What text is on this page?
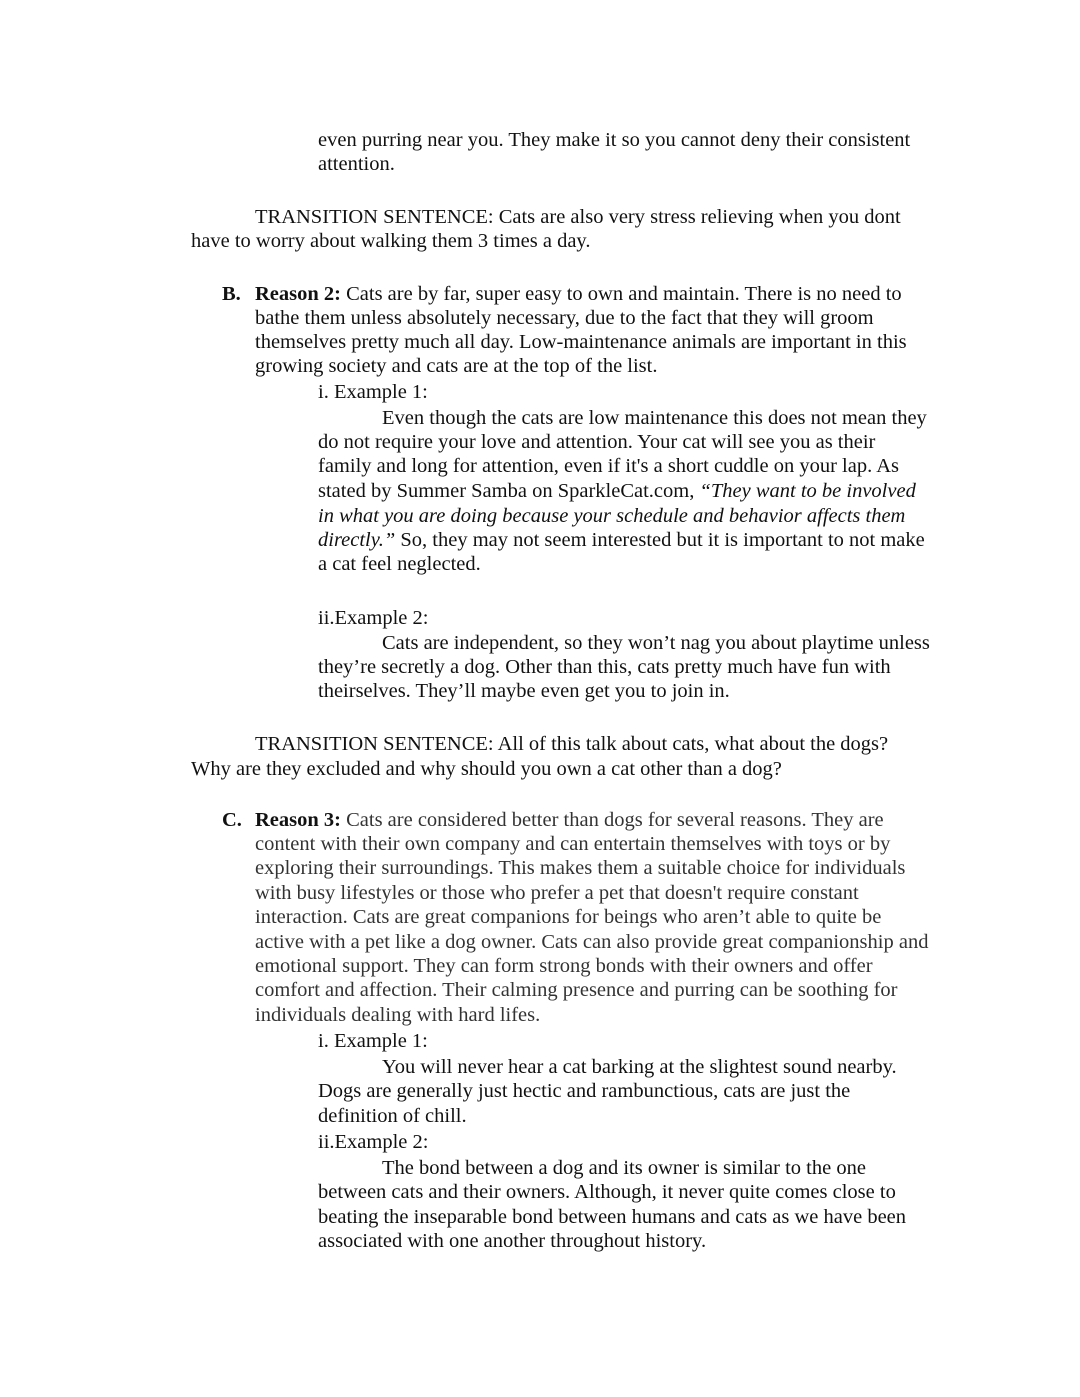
even purring near you. They make it so you cannot deny their consistent
attention.
TRANSITION SENTENCE: Cats are also very stress relieving when you dont
have to worry about walking them 3 times a day.
B. Reason 2: Cats are by far, super easy to own and maintain. There is no need to
bathe them unless absolutely necessary, due to the fact that they will groom
themselves pretty much all day. Low-maintenance animals are important in this
growing society and cats are at the top of the list.
i. Example 1:
Even though the cats are low maintenance this does not mean they
do not require your love and attention. Your cat will see you as their
family and long for attention, even if it's a short cuddle on your lap. As
stated by Summer Samba on SparkleCat.com, “They want to be involved
in what you are doing because your schedule and behavior affects them
directly.” So, they may not seem interested but it is important to not make
a cat feel neglected.
ii.Example 2:
Cats are independent, so they won’t nag you about playtime unless
they’re secretly a dog. Other than this, cats pretty much have fun with
theirselves. They’ll maybe even get you to join in.
TRANSITION SENTENCE: All of this talk about cats, what about the dogs?
Why are they excluded and why should you own a cat other than a dog?
C. Reason 3: Cats are considered better than dogs for several reasons. They are
content with their own company and can entertain themselves with toys or by
exploring their surroundings. This makes them a suitable choice for individuals
with busy lifestyles or those who prefer a pet that doesn't require constant
interaction. Cats are great companions for beings who aren’t able to quite be
active with a pet like a dog owner. Cats can also provide great companionship and
emotional support. They can form strong bonds with their owners and offer
comfort and affection. Their calming presence and purring can be soothing for
individuals dealing with hard lifes.
i. Example 1:
You will never hear a cat barking at the slightest sound nearby.
Dogs are generally just hectic and rambunctious, cats are just the
definition of chill.
ii.Example 2:
The bond between a dog and its owner is similar to the one
between cats and their owners. Although, it never quite comes close to
beating the inseparable bond between humans and cats as we have been
associated with one another throughout history.
